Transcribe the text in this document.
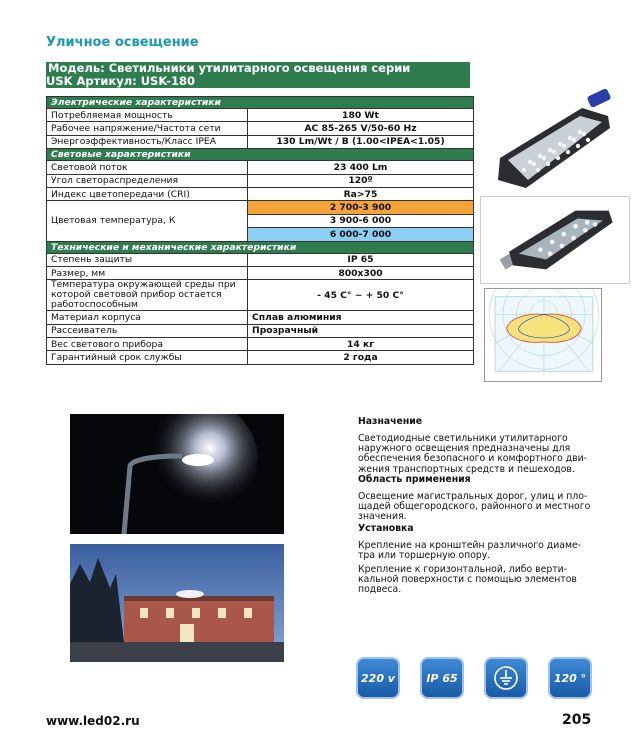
Уличное освещение
Модель: Светильники утилитарного освещения серии
USK Артикул: USK-180
Электрические характеристики	
Потребляемая мощность	180 Wt
Рабочее напряжение/Частота сети	AC 85-265 V/50-60 Hz
Энергоэффективность/Класс IPEA	130 Lm/Wt / B (1.00<IPEA<1.05)
Световые характеристики	
Световой поток	23 400 Lm
Угол светораспределения	120º
Индекс цветопередачи (CRI)	Ra>75
Цветовая температура, К	2 700-3 900
	3 900-6 000
	6 000-7 000
Технические и механические характеристики	
Степень защиты	IP 65
Размер, мм	800x300
Температура окружающей среды при которой световой прибор остается работоспособным	- 45 C° ~ + 50 C°
Материал корпуса	Сплав алюминия
Рассеиватель	Прозрачный
Вес светового прибора	14 кг
Гарантийный срок службы	2 года
Назначение
Светодиодные светильники утилитарного наружного освещения предназначены для обеспечения безопасного и комфортного дви-жения транспортных средств и пешеходов.
Область применения
Освещение магистральных дорог, улиц и пло-щадей общегородского, районного и местного значения.
Установка
Крепление на кронштейн различного диаме-тра или торшерную опору.
Крепление к горизонтальной, либо верти-кальной поверхности с помощью элементов подвеса.
220 v	IP 65	120 °
www.led02.ru	205
